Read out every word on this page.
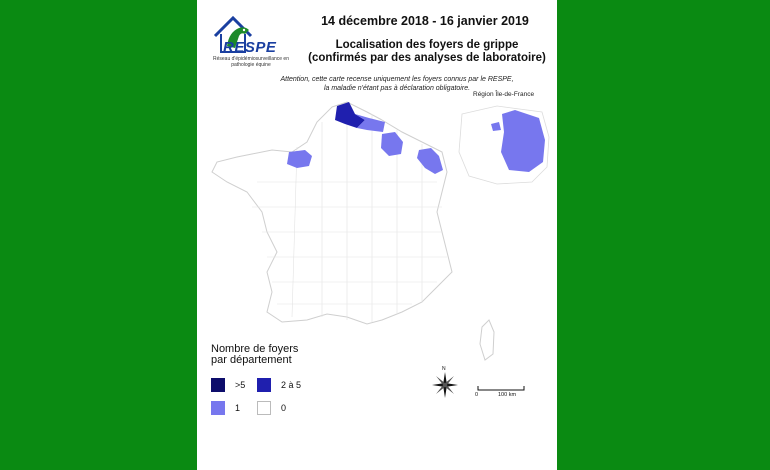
RESPE
Réseau d'épidémiosurveillance en pathologie équine
14 décembre 2018 - 16 janvier 2019
Localisation des foyers de grippe
(confirmés par des analyses de laboratoire)
Attention, cette carte recense uniquement les foyers connus par le RESPE,
la maladie n'étant pas à déclaration obligatoire.
Région Île-de-France
Nombre de foyers
par département
>5	2 à 5
1	0
N
0	100 km
